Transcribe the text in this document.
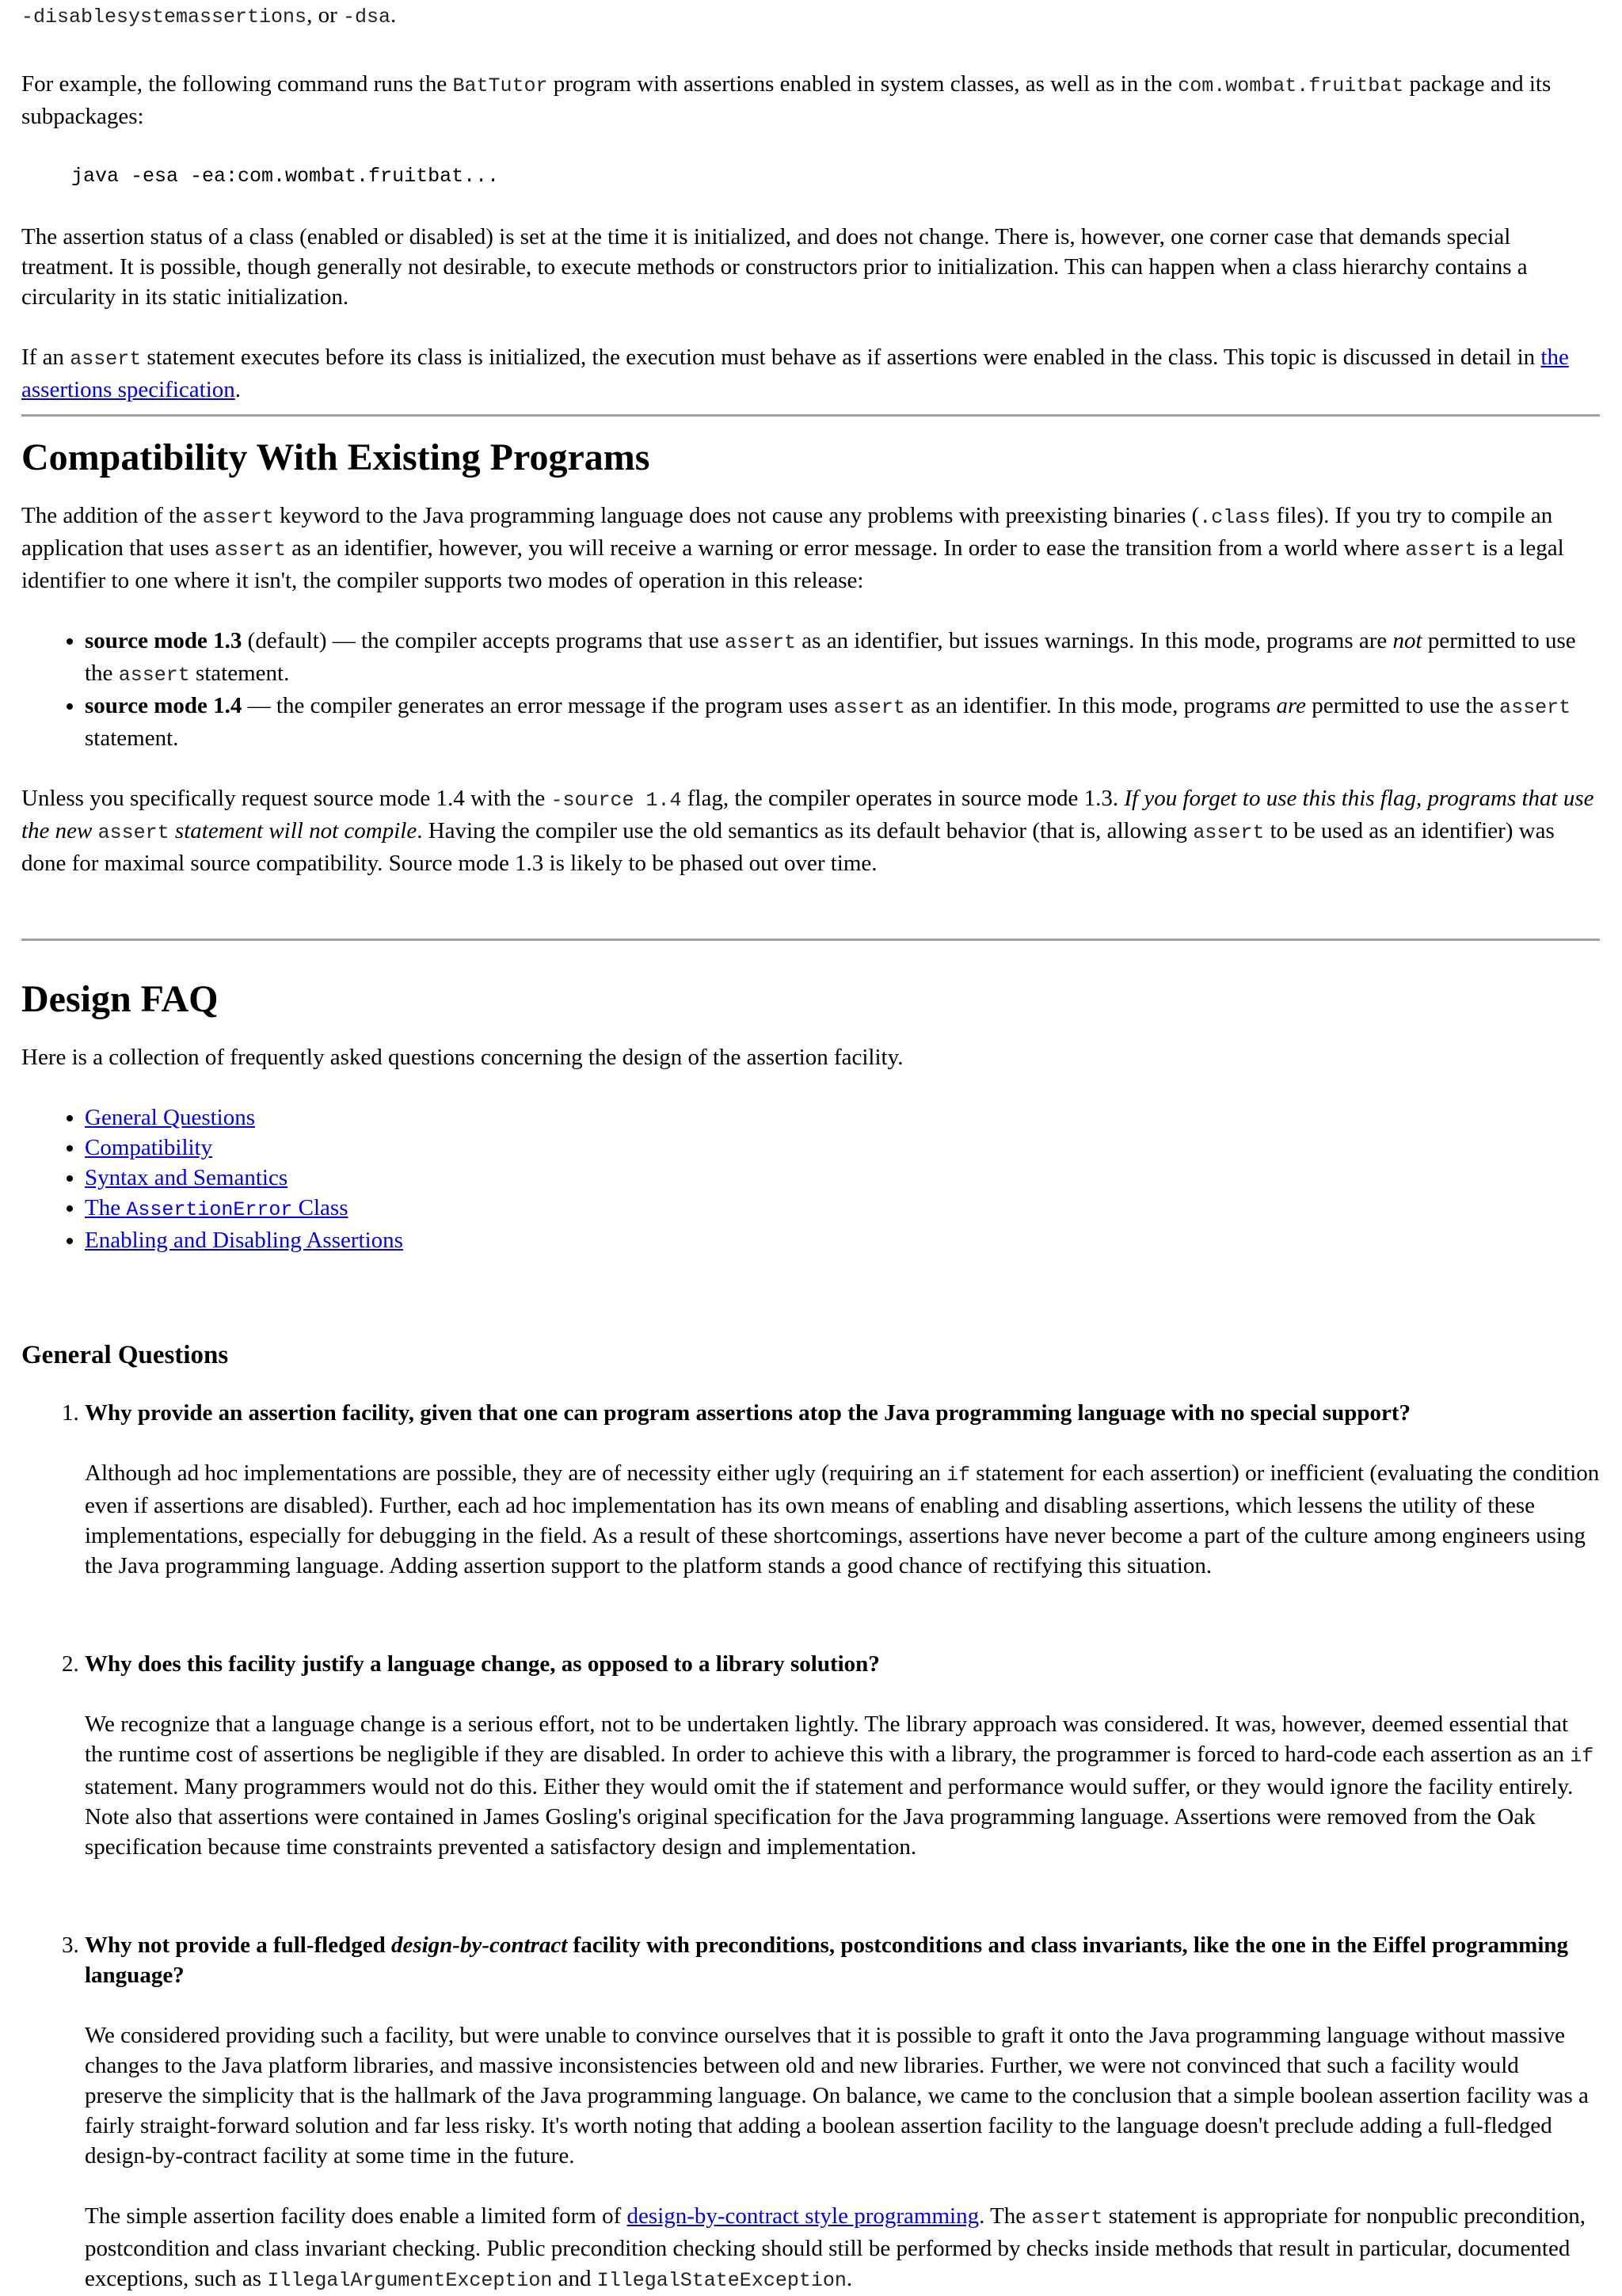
-disablesystemassertions, or -dsa.

For example, the following command runs the BatTutor program with assertions enabled in system classes, as well as in the com.wombat.fruitbat package and its subpackages:

java -esa -ea:com.wombat.fruitbat...

The assertion status of a class (enabled or disabled) is set at the time it is initialized, and does not change. There is, however, one corner case that demands special treatment. It is possible, though generally not desirable, to execute methods or constructors prior to initialization. This can happen when a class hierarchy contains a circularity in its static initialization.

If an assert statement executes before its class is initialized, the execution must behave as if assertions were enabled in the class. This topic is discussed in detail in the assertions specification.

Compatibility With Existing Programs

The addition of the assert keyword to the Java programming language does not cause any problems with preexisting binaries (.class files). If you try to compile an application that uses assert as an identifier, however, you will receive a warning or error message. In order to ease the transition from a world where assert is a legal identifier to one where it isn't, the compiler supports two modes of operation in this release:

• source mode 1.3 (default) — the compiler accepts programs that use assert as an identifier, but issues warnings. In this mode, programs are not permitted to use the assert statement.
• source mode 1.4 — the compiler generates an error message if the program uses assert as an identifier. In this mode, programs are permitted to use the assert statement.

Unless you specifically request source mode 1.4 with the -source 1.4 flag, the compiler operates in source mode 1.3. If you forget to use this this flag, programs that use the new assert statement will not compile. Having the compiler use the old semantics as its default behavior (that is, allowing assert to be used as an identifier) was done for maximal source compatibility. Source mode 1.3 is likely to be phased out over time.

Design FAQ

Here is a collection of frequently asked questions concerning the design of the assertion facility.

• General Questions
• Compatibility
• Syntax and Semantics
• The AssertionError Class
• Enabling and Disabling Assertions
General Questions

1. Why provide an assertion facility, given that one can program assertions atop the Java programming language with no special support?

Although ad hoc implementations are possible, they are of necessity either ugly (requiring an if statement for each assertion) or inefficient (evaluating the condition even if assertions are disabled). Further, each ad hoc implementation has its own means of enabling and disabling assertions, which lessens the utility of these implementations, especially for debugging in the field. As a result of these shortcomings, assertions have never become a part of the culture among engineers using the Java programming language. Adding assertion support to the platform stands a good chance of rectifying this situation.

2. Why does this facility justify a language change, as opposed to a library solution?

We recognize that a language change is a serious effort, not to be undertaken lightly. The library approach was considered. It was, however, deemed essential that the runtime cost of assertions be negligible if they are disabled. In order to achieve this with a library, the programmer is forced to hard-code each assertion as an if statement. Many programmers would not do this. Either they would omit the if statement and performance would suffer, or they would ignore the facility entirely. Note also that assertions were contained in James Gosling's original specification for the Java programming language. Assertions were removed from the Oak specification because time constraints prevented a satisfactory design and implementation.

3. Why not provide a full-fledged design-by-contract facility with preconditions, postconditions and class invariants, like the one in the Eiffel programming language?

We considered providing such a facility, but were unable to convince ourselves that it is possible to graft it onto the Java programming language without massive changes to the Java platform libraries, and massive inconsistencies between old and new libraries. Further, we were not convinced that such a facility would preserve the simplicity that is the hallmark of the Java programming language. On balance, we came to the conclusion that a simple boolean assertion facility was a fairly straight-forward solution and far less risky. It's worth noting that adding a boolean assertion facility to the language doesn't preclude adding a full-fledged design-by-contract facility at some time in the future.

The simple assertion facility does enable a limited form of design-by-contract style programming. The assert statement is appropriate for nonpublic precondition, postcondition and class invariant checking. Public precondition checking should still be performed by checks inside methods that result in particular, documented exceptions, such as IllegalArgumentException and IllegalStateException.
